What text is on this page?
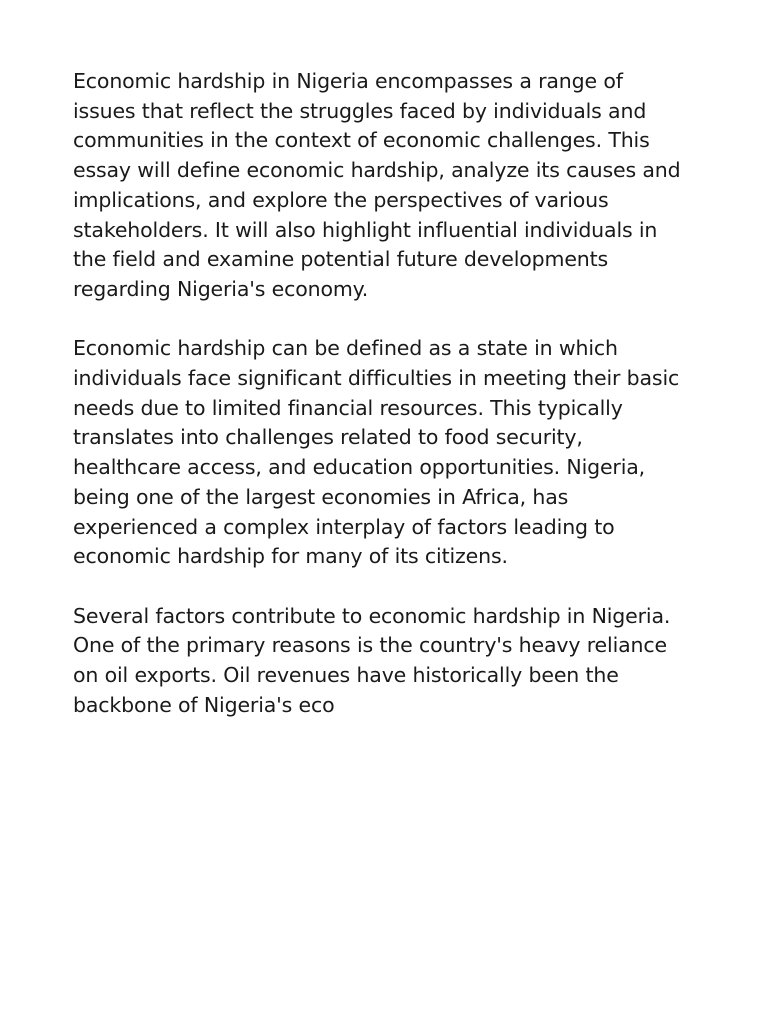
Economic hardship in Nigeria encompasses a range of
issues that reflect the struggles faced by individuals and
communities in the context of economic challenges. This
essay will define economic hardship, analyze its causes and
implications, and explore the perspectives of various
stakeholders. It will also highlight influential individuals in
the field and examine potential future developments
regarding Nigeria's economy.

Economic hardship can be defined as a state in which
individuals face significant difficulties in meeting their basic
needs due to limited financial resources. This typically
translates into challenges related to food security,
healthcare access, and education opportunities. Nigeria,
being one of the largest economies in Africa, has
experienced a complex interplay of factors leading to
economic hardship for many of its citizens.

Several factors contribute to economic hardship in Nigeria.
One of the primary reasons is the country's heavy reliance
on oil exports. Oil revenues have historically been the
backbone of Nigeria's eco
